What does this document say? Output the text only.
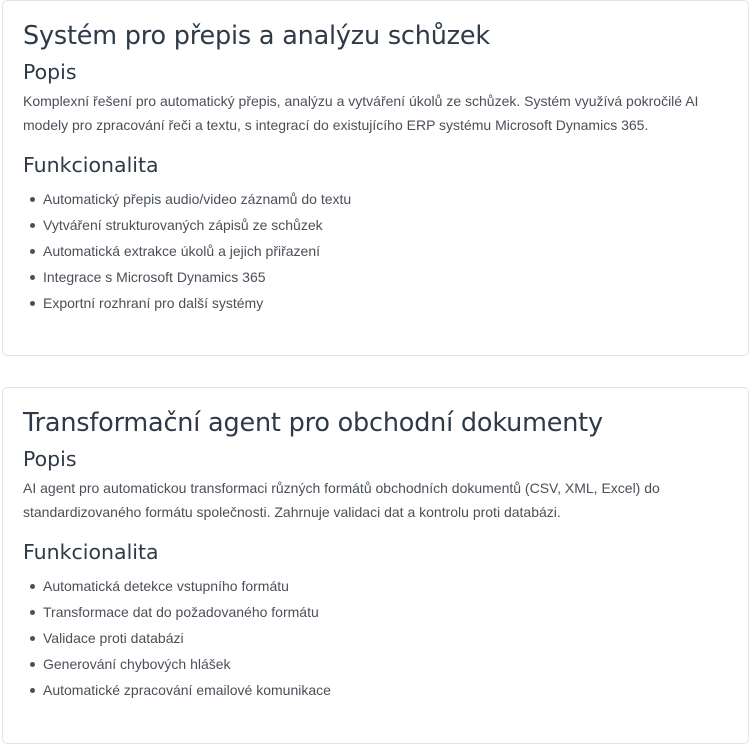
Systém pro přepis a analýzu schůzek
Popis

Komplexní řešení pro automatický přepis, analýzu a vytváření úkolů ze schůzek. Systém využívá pokročilé AI modely pro zpracování řeči a textu, s integrací do existujícího ERP systému Microsoft Dynamics 365.

Funkcionalita
Automatický přepis audio/video záznamů do textu
Vytváření strukturovaných zápisů ze schůzek
Automatická extrakce úkolů a jejich přiřazení
Integrace s Microsoft Dynamics 365
Exportní rozhraní pro další systémy
Transformační agent pro obchodní dokumenty
Popis

AI agent pro automatickou transformaci různých formátů obchodních dokumentů (CSV, XML, Excel) do standardizovaného formátu společnosti. Zahrnuje validaci dat a kontrolu proti databázi.

Funkcionalita
Automatická detekce vstupního formátu
Transformace dat do požadovaného formátu
Validace proti databázi
Generování chybových hlášek
Automatické zpracování emailové komunikace
